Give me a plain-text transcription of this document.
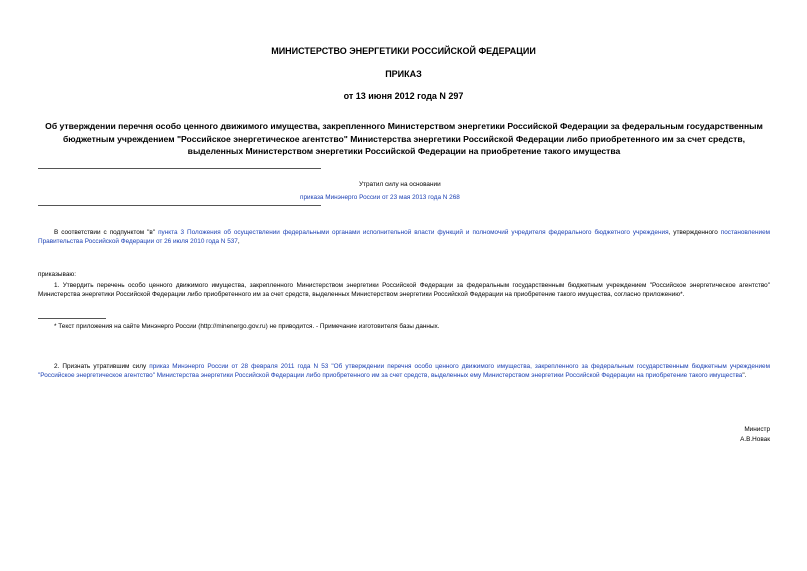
МИНИСТЕРСТВО ЭНЕРГЕТИКИ РОССИЙСКОЙ ФЕДЕРАЦИИ
ПРИКАЗ
от 13 июня 2012 года N 297
Об утверждении перечня особо ценного движимого имущества, закрепленного Министерством энергетики Российской Федерации за федеральным государственным бюджетным учреждением "Российское энергетическое агентство" Министерства энергетики Российской Федерации либо приобретенного им за счет средств, выделенных Министерством энергетики Российской Федерации на приобретение такого имущества
Утратил силу на основании
приказа Минэнерго России от 23 мая 2013 года N 268
В соответствии с подпунктом "в" пункта 3 Положения об осуществлении федеральными органами исполнительной власти функций и полномочий учредителя федерального бюджетного учреждения, утвержденного постановлением Правительства Российской Федерации от 26 июля 2010 года N 537,
приказываю:
1. Утвердить перечень особо ценного движимого имущества, закрепленного Министерством энергетики Российской Федерации за федеральным государственным бюджетным учреждением "Российское энергетическое агентство" Министерства энергетики Российской Федерации либо приобретенного им за счет средств, выделенных Министерством энергетики Российской Федерации на приобретение такого имущества, согласно приложению*.
* Текст приложения на сайте Минэнерго России (http://minenergo.gov.ru) не приводится. - Примечание изготовителя базы данных.
2. Признать утратившим силу приказ Минэнерго России от 28 февраля 2011 года N 53 "Об утверждении перечня особо ценного движимого имущества, закрепленного за федеральным государственным бюджетным учреждением "Российское энергетическое агентство" Министерства энергетики Российской Федерации либо приобретенного им за счет средств, выделенных ему Министерством энергетики Российской Федерации на приобретение такого имущества".
Министр
А.В.Новак
